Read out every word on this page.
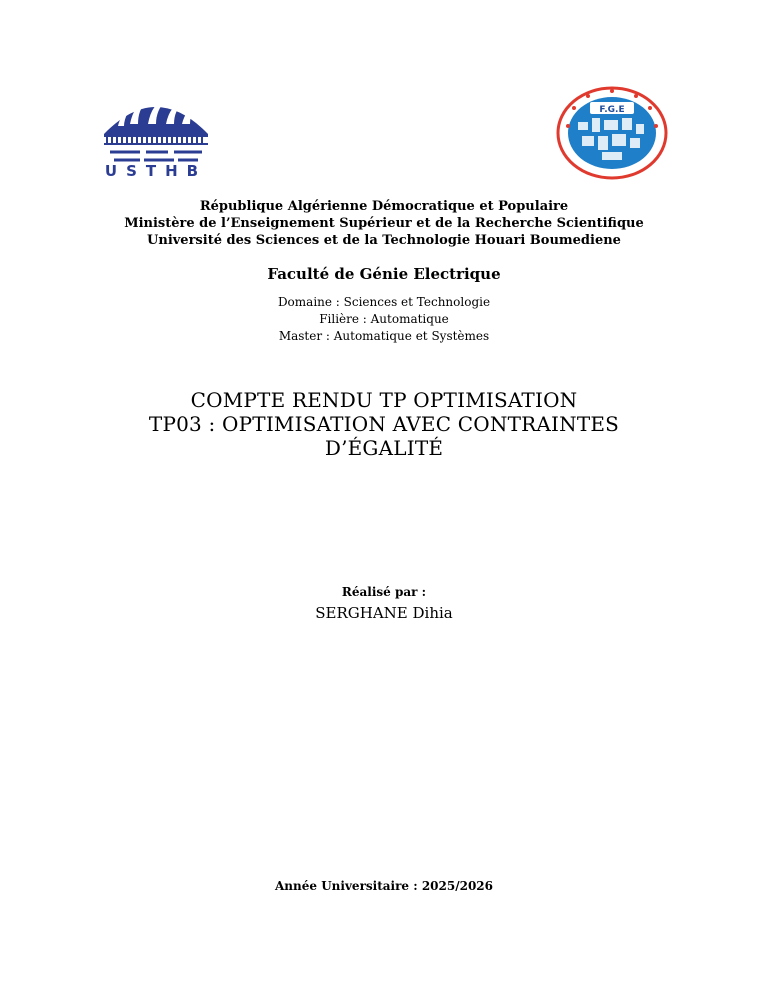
USTHB
F.G.E
République Algérienne Démocratique et Populaire
Ministère de l’Enseignement Supérieur et de la Recherche Scientifique
Université des Sciences et de la Technologie Houari Boumediene
Faculté de Génie Electrique
Domaine : Sciences et Technologie
Filière : Automatique
Master : Automatique et Systèmes
COMPTE RENDU TP OPTIMISATION
TP03 : OPTIMISATION AVEC CONTRAINTES
D’ÉGALITÉ
Réalisé par :
SERGHANE Dihia
Année Universitaire : 2025/2026
